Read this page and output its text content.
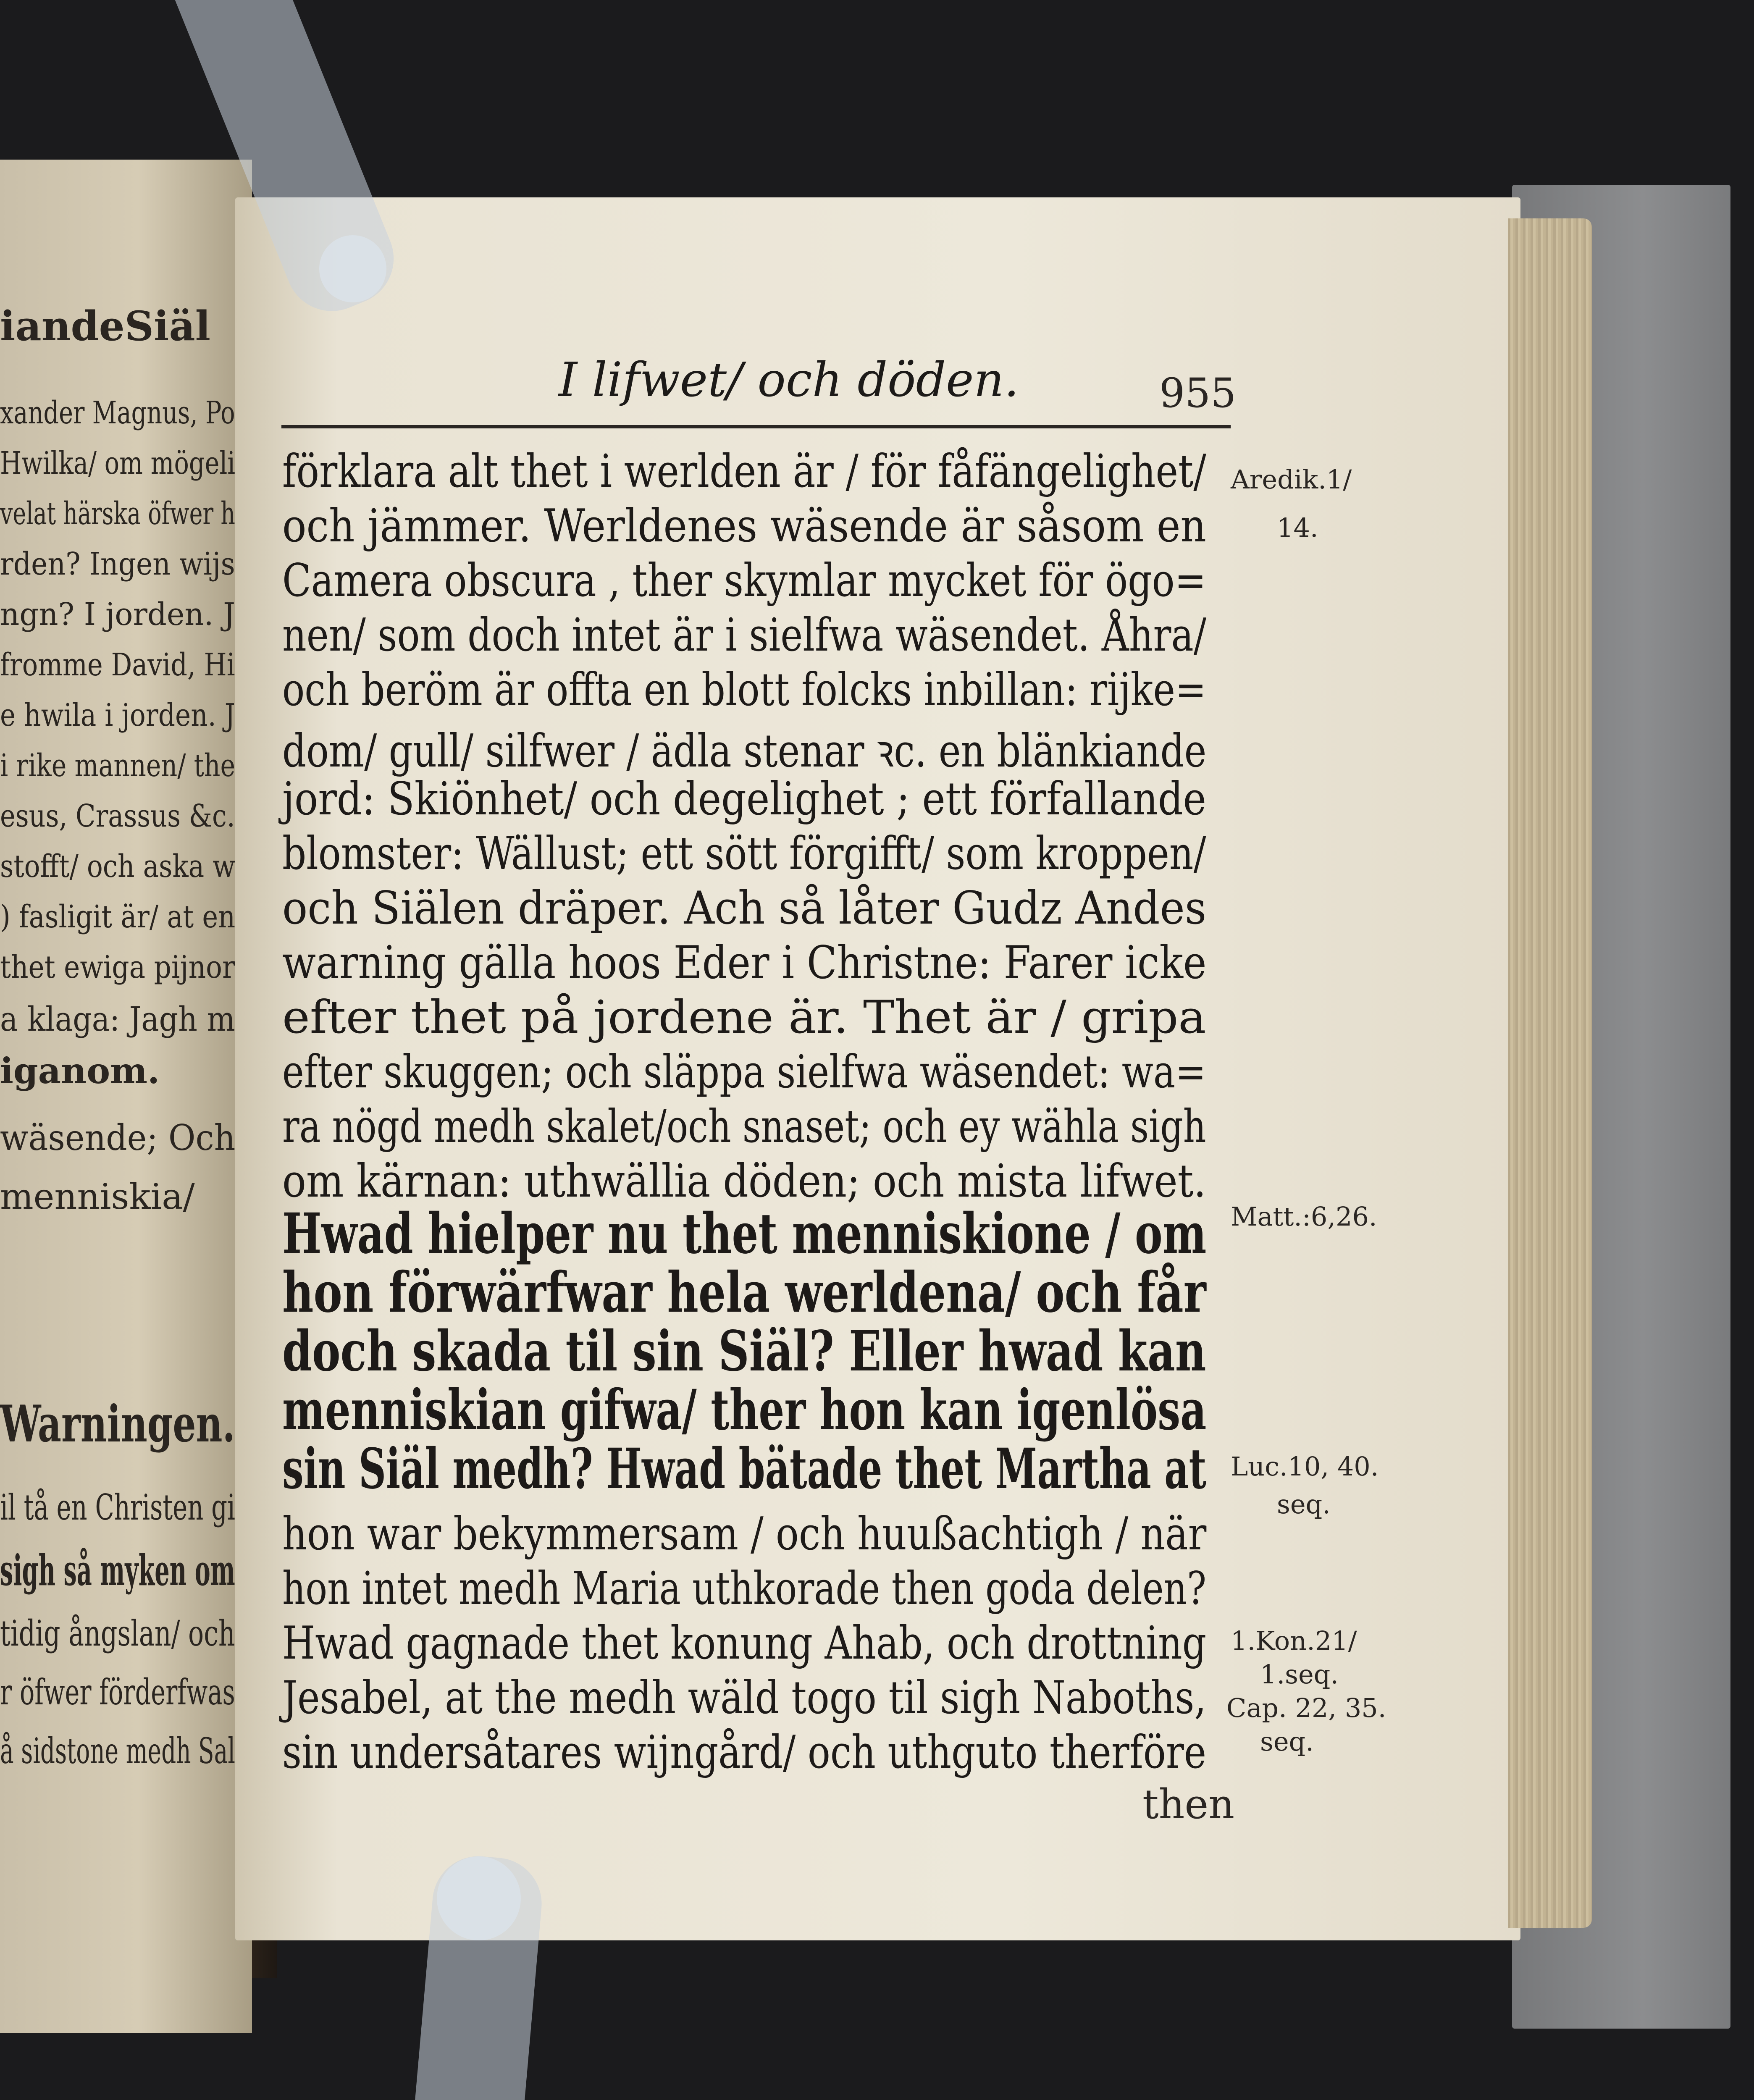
iandeSiäl
xander Magnus, Po
Hwilka/ om mögeli
velat härska öfwer h
rden? Ingen wijs
ngn? I jorden. J
fromme David, Hi
e hwila i jorden. J
i rike mannen/ the
esus, Crassus &c.
stofft/ och aska w
) fasligit är/ at en
thet ewiga pijnor
a klaga: Jagh m
iganom.
wäsende; Och
menniskia/
Warningen.
il tå en Christen gi
sigh så myken om
tidig ångslan/ och
r öfwer förderfwas
å sidstone medh Sal
I lifwet/ och döden.	955
förklara alt thet i werlden är / för fåfängelighet/
och jämmer. Werldenes wäsende är såsom en
Camera obscura , ther skymlar mycket för ögo=
nen/ som doch intet är i sielfwa wäsendet. Åhra/
och beröm är offta en blott folcks inbillan: rijke=
dom/ gull/ silfwer / ädla stenar ꝛc. en blänkiande
jord: Skiönhet/ och degelighet ; ett förfallande
blomster: Wällust; ett sött förgifft/ som kroppen/
och Siälen dräper. Ach så låter Gudz Andes
warning gälla hoos Eder i Christne: Farer icke
efter thet på jordene är. Thet är / gripa
efter skuggen; och släppa sielfwa wäsendet: wa=
ra nögd medh skalet/och snaset; och ey wähla sigh
om kärnan: uthwällia döden; och mista lifwet.
Hwad hielper nu thet menniskione / om
hon förwärfwar hela werldena/ och får
doch skada til sin Siäl? Eller hwad kan
menniskian gifwa/ ther hon kan igenlösa
sin Siäl medh? Hwad bätade thet Martha at
hon war bekymmersam / och huußachtigh / när
hon intet medh Maria uthkorade then goda delen?
Hwad gagnade thet konung Ahab, och drottning
Jesabel, at the medh wäld togo til sigh Naboths,
sin undersåtares wijngård/ och uthguto therföre
then
Aredik.1/
14.
Matt.:6,26.
Luc.10, 40.
seq.
1.Kon.21/
1.seq.
Cap. 22, 35.
seq.
